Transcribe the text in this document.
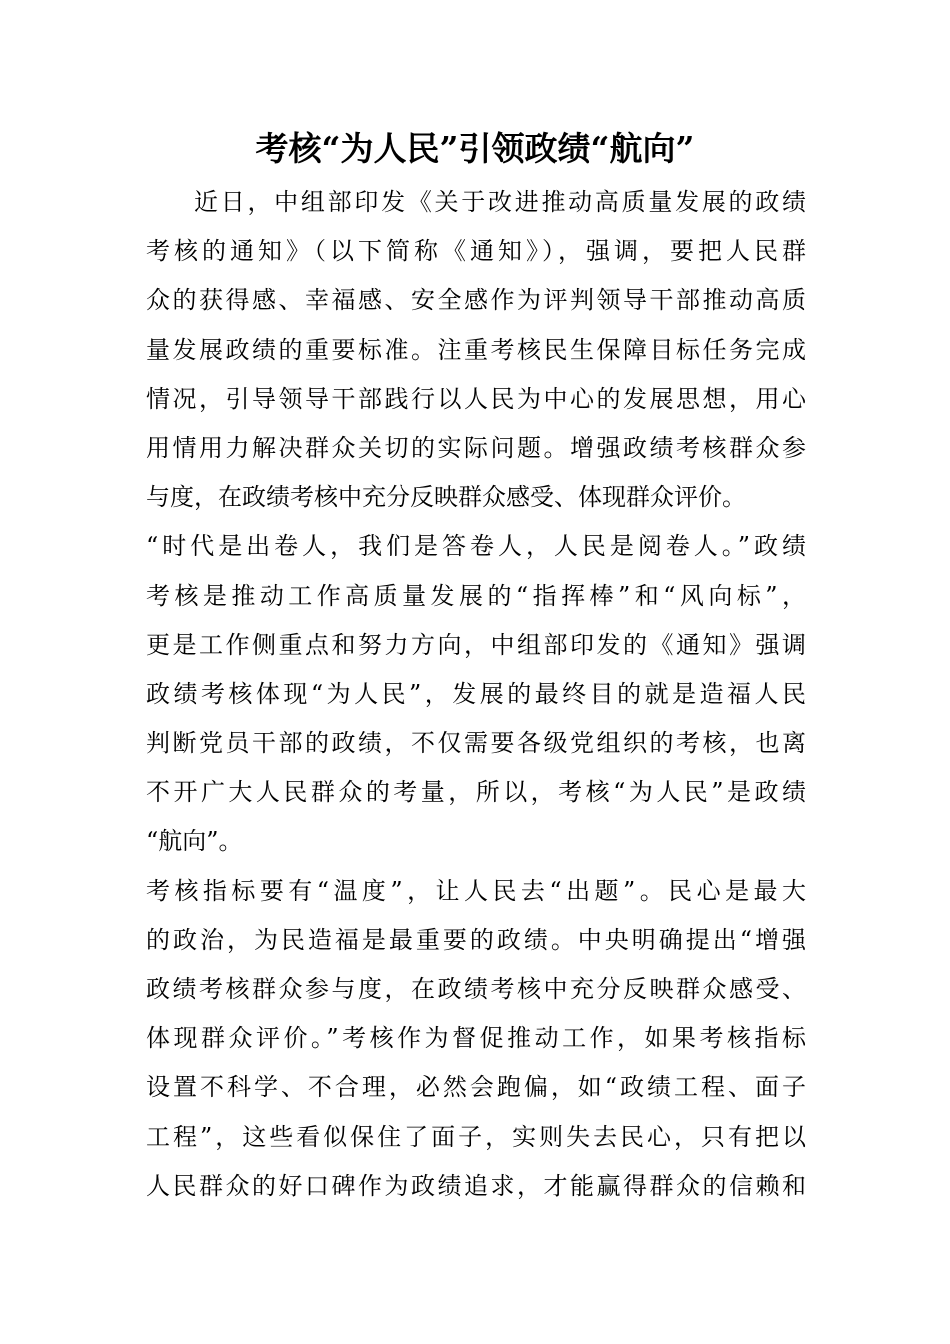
考核“为人民”引领政绩“航向”
近日，中组部印发《关于改进推动高质量发展的政绩
考核的通知》（以下简称《通知》），强调，要把人民群
众的获得感、幸福感、安全感作为评判领导干部推动高质
量发展政绩的重要标准。注重考核民生保障目标任务完成
情况，引导领导干部践行以人民为中心的发展思想，用心
用情用力解决群众关切的实际问题。增强政绩考核群众参
与度，在政绩考核中充分反映群众感受、体现群众评价。
“时代是出卷人，我们是答卷人，人民是阅卷人。”政绩
考核是推动工作高质量发展的“指挥棒”和“风向标”，
更是工作侧重点和努力方向，中组部印发的《通知》强调
政绩考核体现“为人民”，发展的最终目的就是造福人民
判断党员干部的政绩，不仅需要各级党组织的考核，也离
不开广大人民群众的考量，所以，考核“为人民”是政绩
“航向”。
考核指标要有“温度”，让人民去“出题”。民心是最大
的政治，为民造福是最重要的政绩。中央明确提出“增强
政绩考核群众参与度，在政绩考核中充分反映群众感受、
体现群众评价。”考核作为督促推动工作，如果考核指标
设置不科学、不合理，必然会跑偏，如“政绩工程、面子
工程”，这些看似保住了面子，实则失去民心，只有把以
人民群众的好口碑作为政绩追求，才能赢得群众的信赖和
